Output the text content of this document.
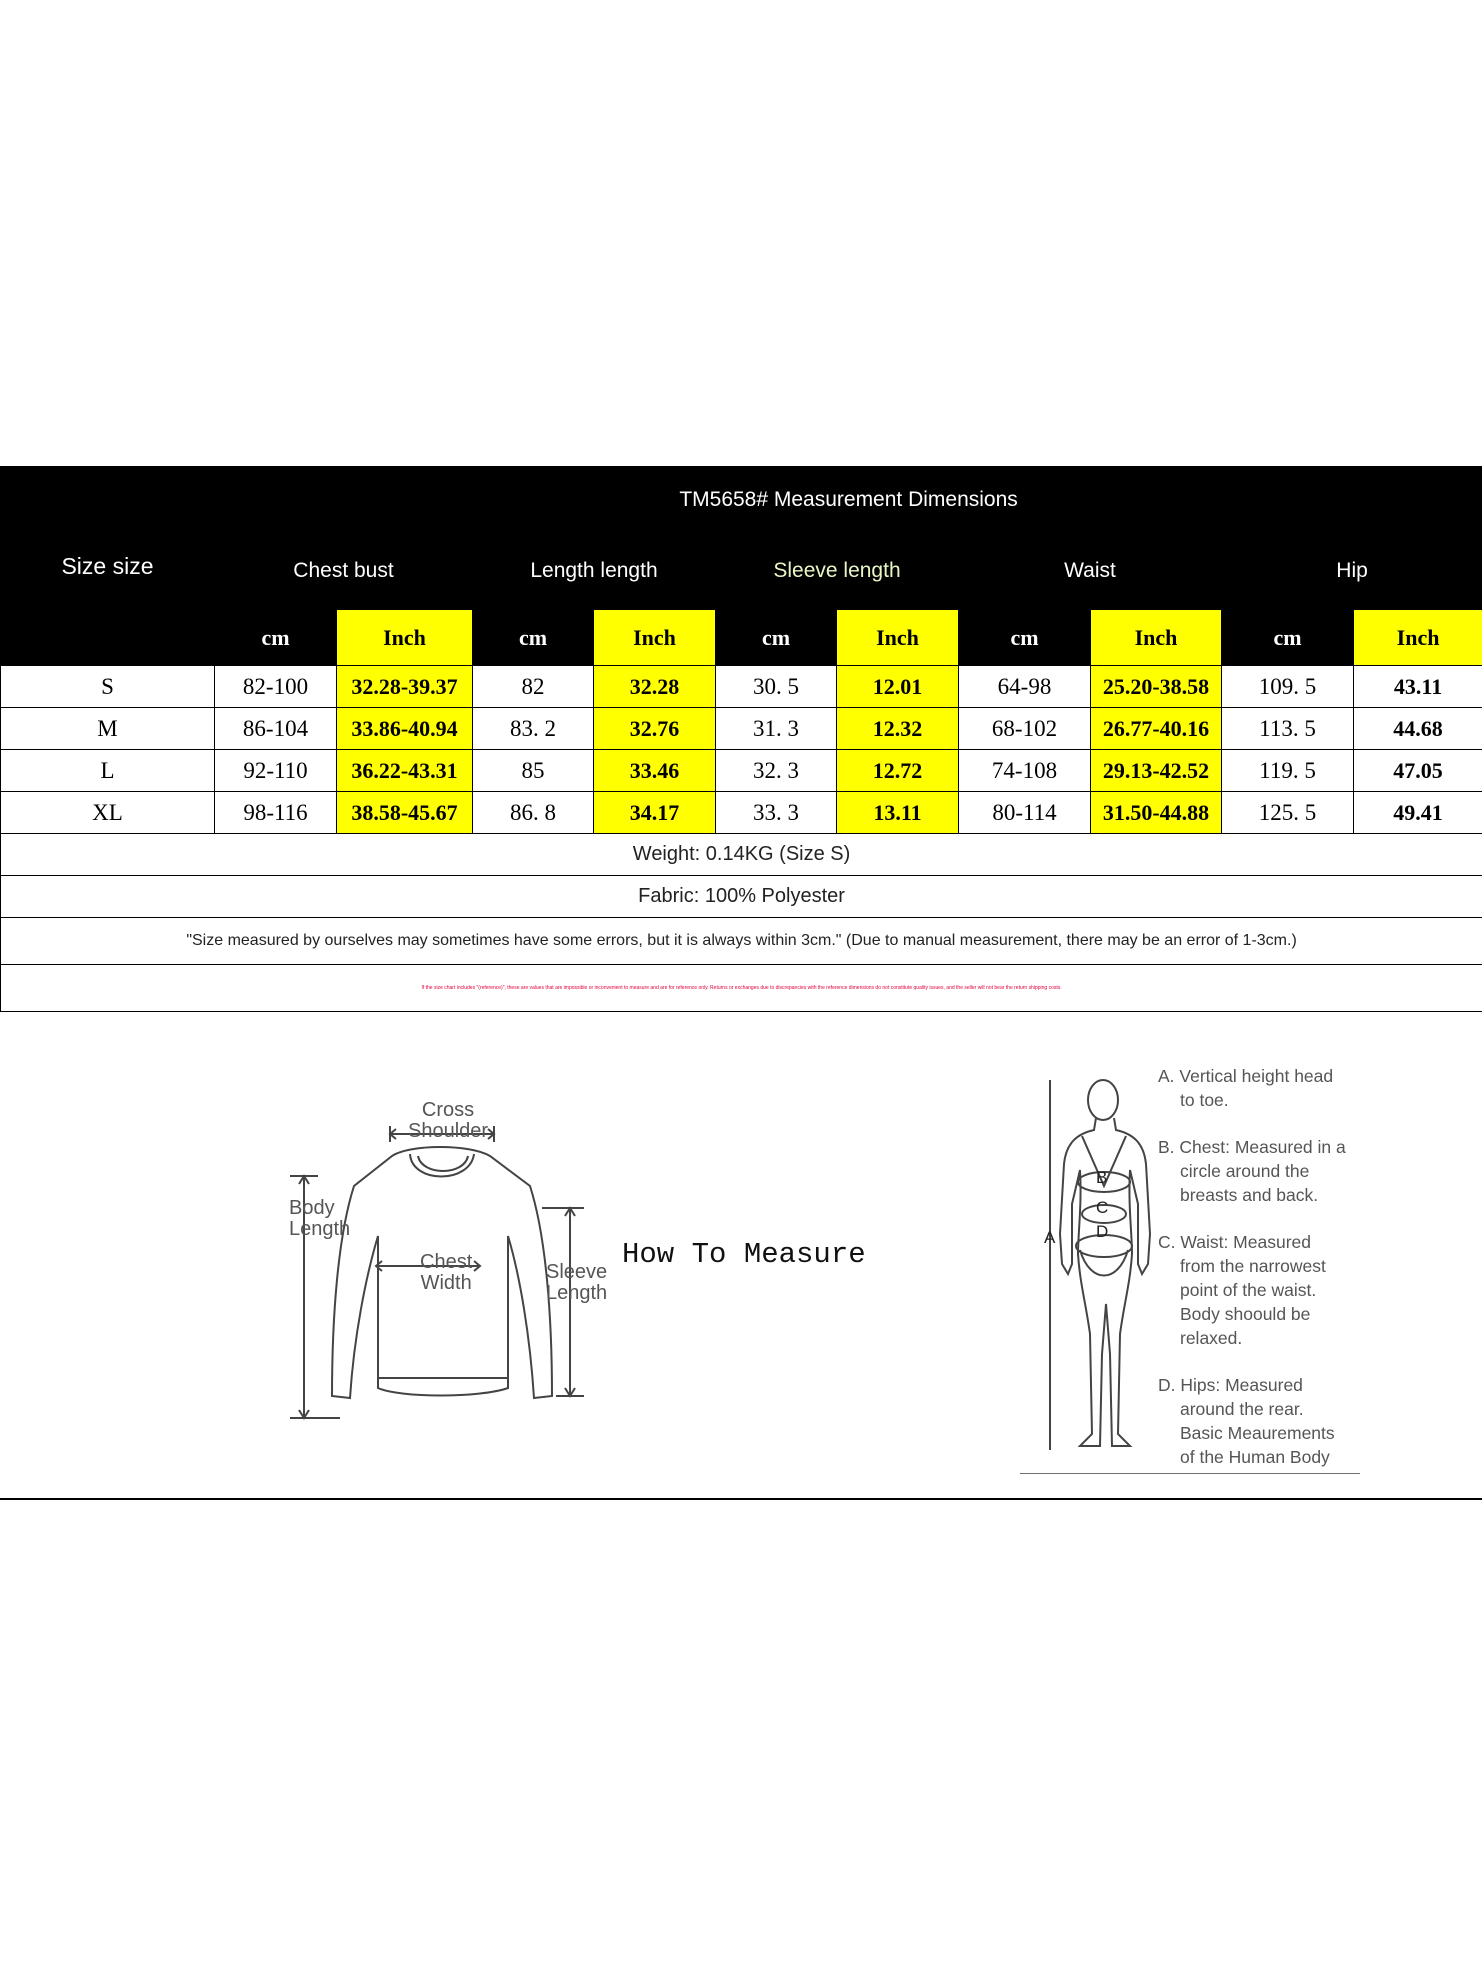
Size size	TM5658# Measurement Dimensions									
	Chest bust		Length length		Sleeve length		Waist		Hip	
	cm	Inch	cm	Inch	cm	Inch	cm	Inch	cm	Inch
S	82-100	32.28-39.37	82	32.28	30. 5	12.01	64-98	25.20-38.58	109. 5	43.11
M	86-104	33.86-40.94	83. 2	32.76	31. 3	12.32	68-102	26.77-40.16	113. 5	44.68
L	92-110	36.22-43.31	85	33.46	32. 3	12.72	74-108	29.13-42.52	119. 5	47.05
XL	98-116	38.58-45.67	86. 8	34.17	33. 3	13.11	80-114	31.50-44.88	125. 5	49.41
Weight: 0.14KG (Size S)										
Fabric: 100% Polyester										
"Size measured by ourselves may sometimes have some errors, but it is always within 3cm." (Due to manual measurement, there may be an error of 1-3cm.)										
If the size chart includes "(reference)", these are values that are impossible or inconvenient to measure and are for reference only. Returns or exchanges due to discrepancies with the reference dimensions do not constitute quality issues, and the seller will not bear the return shipping costs.										
Cross
Shoulder
Body
Length
Chest
Width	Sleeve
Length
How To Measure
B
C
A D

A. Vertical height head
to toe.

B. Chest: Measured in a
circle around the
breasts and back.

C. Waist: Measured
from the narrowest
point of the waist.
Body shoould be
relaxed.

D. Hips: Measured
around the rear.
Basic Meaurements
of the Human Body
